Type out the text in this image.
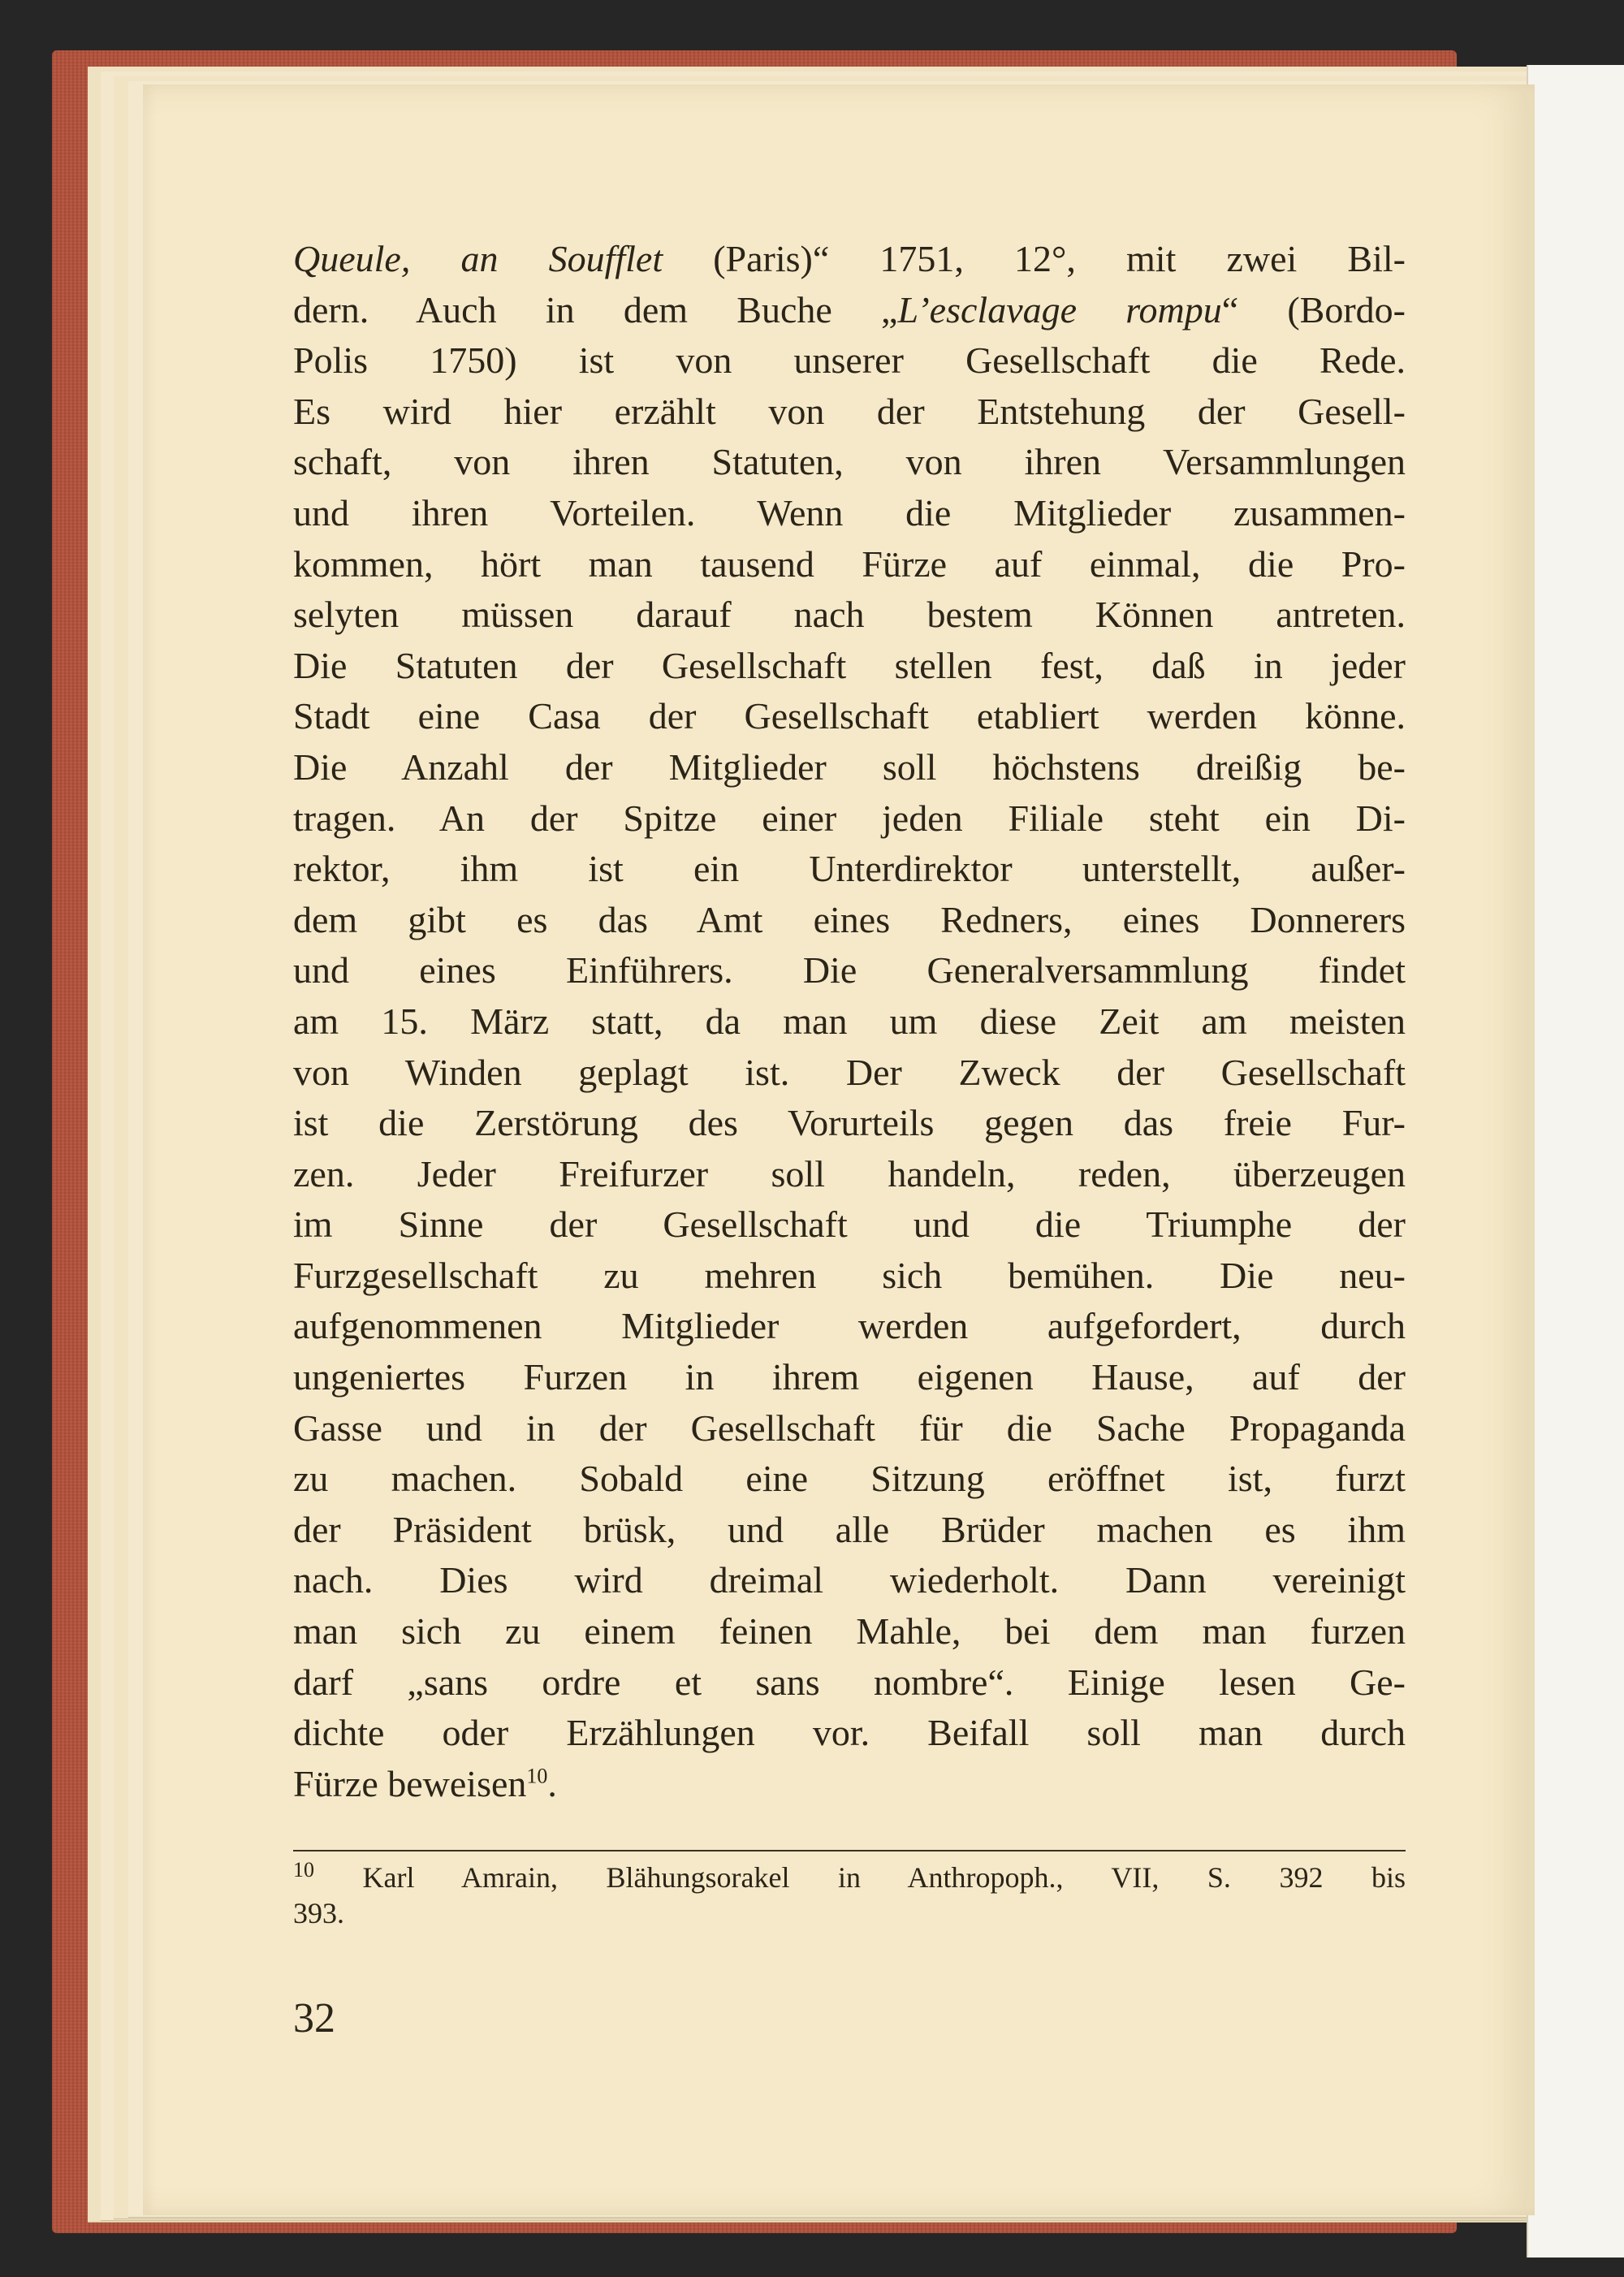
Queule, an Soufflet (Paris)“ 1751, 12°, mit zwei Bil-
dern. Auch in dem Buche „L’esclavage rompu“ (Bordo-
Polis 1750) ist von unserer Gesellschaft die Rede.
Es wird hier erzählt von der Entstehung der Gesell-
schaft, von ihren Statuten, von ihren Versammlungen
und ihren Vorteilen. Wenn die Mitglieder zusammen-
kommen, hört man tausend Fürze auf einmal, die Pro-
selyten müssen darauf nach bestem Können antreten.
Die Statuten der Gesellschaft stellen fest, daß in jeder
Stadt eine Casa der Gesellschaft etabliert werden könne.
Die Anzahl der Mitglieder soll höchstens dreißig be-
tragen. An der Spitze einer jeden Filiale steht ein Di-
rektor, ihm ist ein Unterdirektor unterstellt, außer-
dem gibt es das Amt eines Redners, eines Donnerers
und eines Einführers. Die Generalversammlung findet
am 15. März statt, da man um diese Zeit am meisten
von Winden geplagt ist. Der Zweck der Gesellschaft
ist die Zerstörung des Vorurteils gegen das freie Fur-
zen. Jeder Freifurzer soll handeln, reden, überzeugen
im Sinne der Gesellschaft und die Triumphe der
Furzgesellschaft zu mehren sich bemühen. Die neu-
aufgenommenen Mitglieder werden aufgefordert, durch
ungeniertes Furzen in ihrem eigenen Hause, auf der
Gasse und in der Gesellschaft für die Sache Propaganda
zu machen. Sobald eine Sitzung eröffnet ist, furzt
der Präsident brüsk, und alle Brüder machen es ihm
nach. Dies wird dreimal wiederholt. Dann vereinigt
man sich zu einem feinen Mahle, bei dem man furzen
darf „sans ordre et sans nombre“. Einige lesen Ge-
dichte oder Erzählungen vor. Beifall soll man durch
Fürze beweisen$^{10}$.
$^{10}$ Karl Amrain, Blähungsorakel in Anthropoph., VII, S. 392 bis
393.
32
